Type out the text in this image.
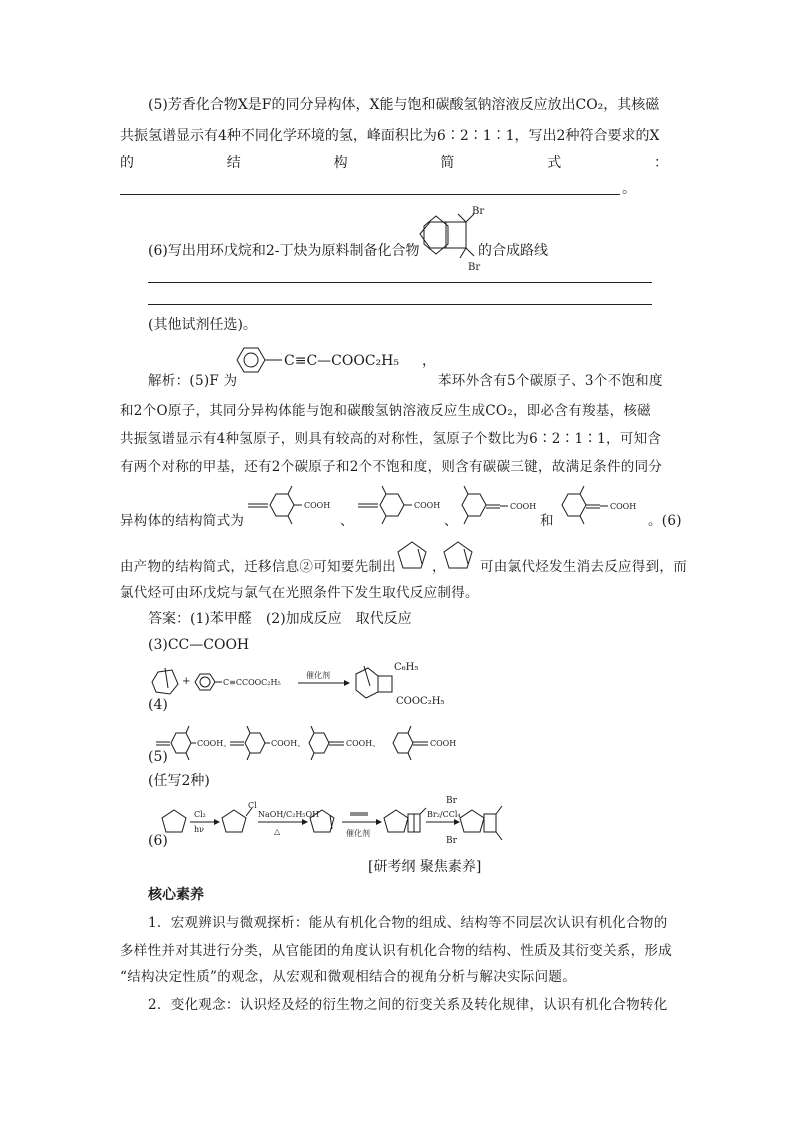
(5)芳香化合物X是F的同分异构体，X能与饱和碳酸氢钠溶液反应放出CO₂，其核磁
共振氢谱显示有4种不同化学环境的氢，峰面积比为6∶2∶1∶1，写出2种符合要求的X
的	结	构	简	式	：
。
(6)写出用环戊烷和2-丁炔为原料制备化合物
Br
Br
的合成路线
(其他试剂任选)。
解析：(5)F 为
C≡C—COOC₂H₅ ，
苯环外含有5个碳原子、3个不饱和度
和2个O原子，其同分异构体能与饱和碳酸氢钠溶液反应生成CO₂，即必含有羧基，核磁
共振氢谱显示有4种氢原子，则具有较高的对称性，氢原子个数比为6∶2∶1∶1，可知含
有两个对称的甲基，还有2个碳原子和2个不饱和度，则含有碳碳三键，故满足条件的同分
异构体的结构简式为
COOH
、
COOH
、
COOH
和
COOH
。(6)
由产物的结构简式，迁移信息②可知要先制出	，	可由氯代烃发生消去反应得到，而
氯代烃可由环戊烷与氯气在光照条件下发生取代反应制得。
答案：(1)苯甲醛　(2)加成反应　取代反应
(3)CC—COOH
+	C≡CCOOC₂H₅
催化剂
C₆H₅
COOC₂H₅
(4)
COOH、	COOH、	COOH、	COOH
(5)
(任写2种)
Cl₂
hν
Cl
NaOH/C₂H₅OH
△	催化剂
Br₂/CCl₄
Br
Br
(6)
[研考纲 聚焦素养]
核心素养
1．宏观辨识与微观探析：能从有机化合物的组成、结构等不同层次认识有机化合物的
多样性并对其进行分类，从官能团的角度认识有机化合物的结构、性质及其衍变关系，形成
“结构决定性质”的观念，从宏观和微观相结合的视角分析与解决实际问题。
2．变化观念：认识烃及烃的衍生物之间的衍变关系及转化规律，认识有机化合物转化
